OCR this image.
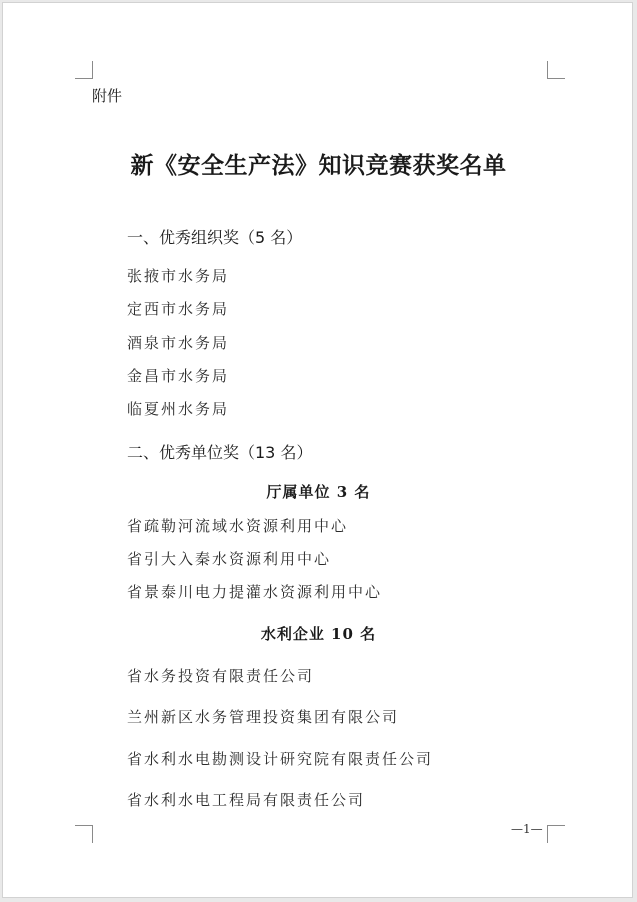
附件
新《安全生产法》知识竞赛获奖名单
一、优秀组织奖（5 名）
张掖市水务局
定西市水务局
酒泉市水务局
金昌市水务局
临夏州水务局
二、优秀单位奖（13 名）
厅属单位 3 名
省疏勒河流域水资源利用中心
省引大入秦水资源利用中心
省景泰川电力提灌水资源利用中心
水利企业 10 名
省水务投资有限责任公司
兰州新区水务管理投资集团有限公司
省水利水电勘测设计研究院有限责任公司
省水利水电工程局有限责任公司
—1—
